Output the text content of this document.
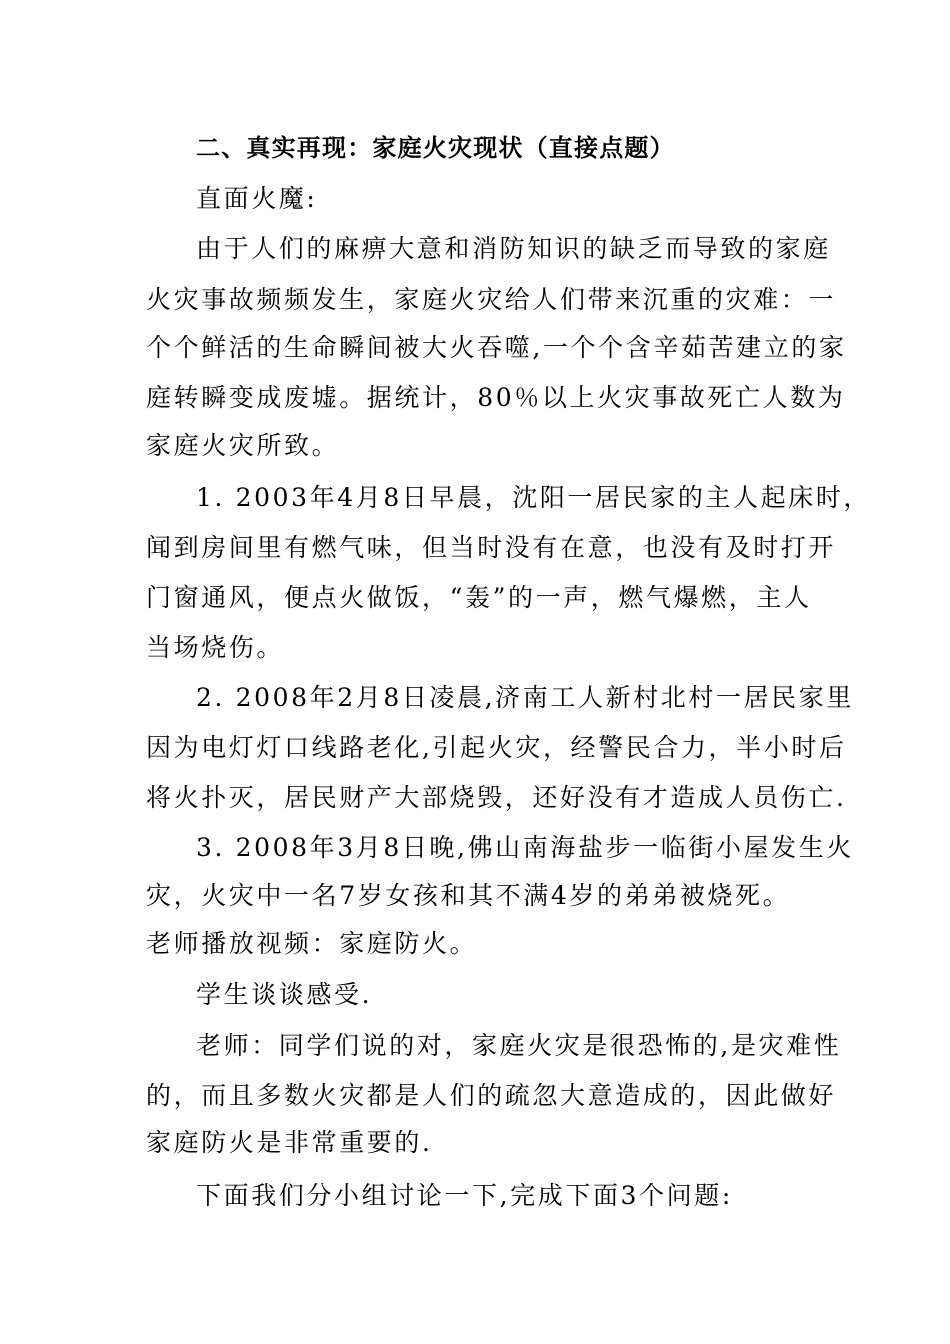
二、真实再现：家庭火灾现状（直接点题）
直面火魔:
由于人们的麻痹大意和消防知识的缺乏而导致的家庭
火灾事故频频发生，家庭火灾给人们带来沉重的灾难：一
个个鲜活的生命瞬间被大火吞噬,一个个含辛茹苦建立的家
庭转瞬变成废墟。据统计，80％以上火灾事故死亡人数为
家庭火灾所致。
1. 2003年4月8日早晨，沈阳一居民家的主人起床时，
闻到房间里有燃气味，但当时没有在意，也没有及时打开
门窗通风，便点火做饭，“轰”的一声，燃气爆燃，主人
当场烧伤。
2. 2008年2月8日凌晨,济南工人新村北村一居民家里
因为电灯灯口线路老化,引起火灾，经警民合力，半小时后
将火扑灭，居民财产大部烧毁，还好没有才造成人员伤亡.
3. 2008年3月8日晚,佛山南海盐步一临街小屋发生火
灾，火灾中一名7岁女孩和其不满4岁的弟弟被烧死。
老师播放视频：家庭防火。
学生谈谈感受.
老师：同学们说的对，家庭火灾是很恐怖的,是灾难性
的，而且多数火灾都是人们的疏忽大意造成的，因此做好
家庭防火是非常重要的.
下面我们分小组讨论一下,完成下面3个问题:
